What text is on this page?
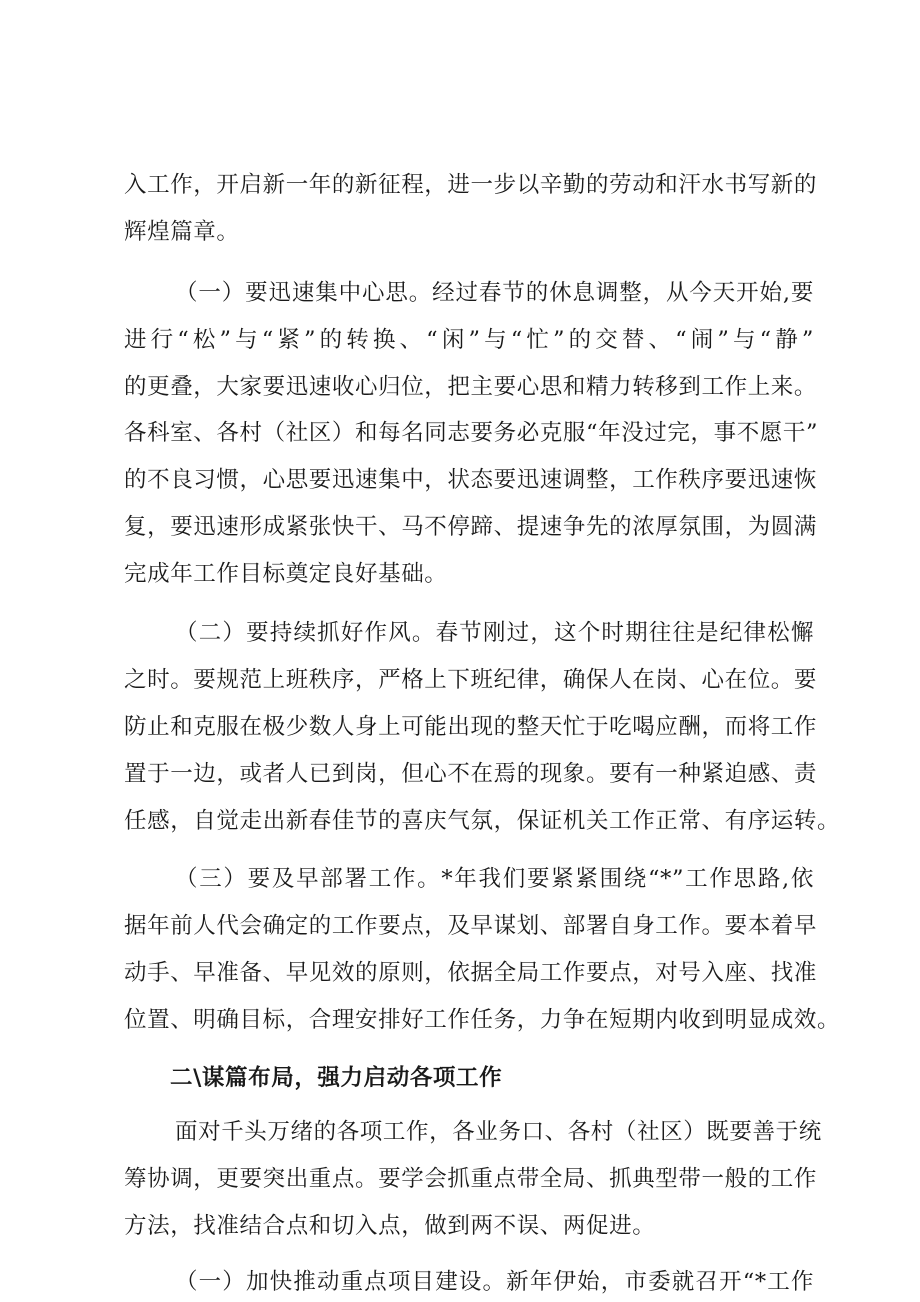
入工作，开启新一年的新征程，进一步以辛勤的劳动和汗水书写新的
辉煌篇章。
（一）要迅速集中心思。经过春节的休息调整，从今天开始,要
进行“松”与“紧”的转换、“闲”与“忙”的交替、“闹”与“静”
的更叠，大家要迅速收心归位，把主要心思和精力转移到工作上来。
各科室、各村（社区）和每名同志要务必克服“年没过完，事不愿干”
的不良习惯，心思要迅速集中，状态要迅速调整，工作秩序要迅速恢
复，要迅速形成紧张快干、马不停蹄、提速争先的浓厚氛围，为圆满
完成年工作目标奠定良好基础。
（二）要持续抓好作风。春节刚过，这个时期往往是纪律松懈
之时。要规范上班秩序，严格上下班纪律，确保人在岗、心在位。要
防止和克服在极少数人身上可能出现的整天忙于吃喝应酬，而将工作
置于一边，或者人已到岗，但心不在焉的现象。要有一种紧迫感、责
任感，自觉走出新春佳节的喜庆气氛，保证机关工作正常、有序运转。
（三）要及早部署工作。*年我们要紧紧围绕“*”工作思路,依
据年前人代会确定的工作要点，及早谋划、部署自身工作。要本着早
动手、早准备、早见效的原则，依据全局工作要点，对号入座、找准
位置、明确目标，合理安排好工作任务，力争在短期内收到明显成效。
二\谋篇布局，强力启动各项工作
面对千头万绪的各项工作，各业务口、各村（社区）既要善于统
筹协调，更要突出重点。要学会抓重点带全局、抓典型带一般的工作
方法，找准结合点和切入点，做到两不误、两促进。
（一）加快推动重点项目建设。新年伊始，市委就召开“*工作
